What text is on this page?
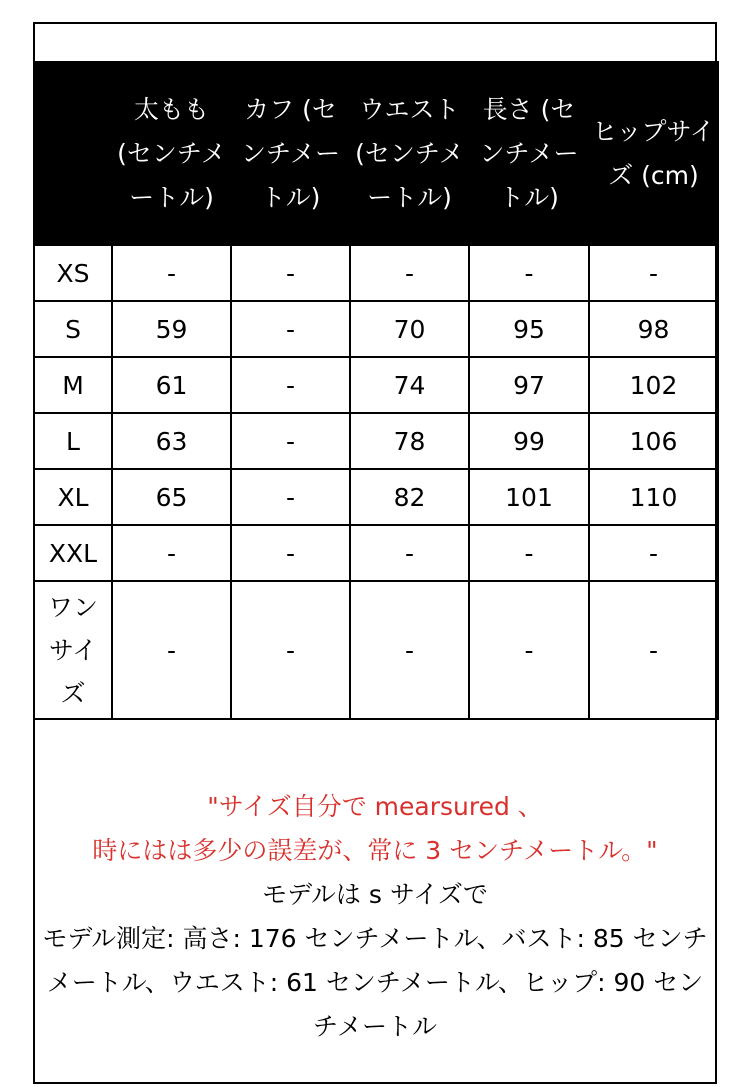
	太もも (センチメートル)	カフ (センチメートル)	ウエスト (センチメートル)	長さ (センチメートル)	ヒップサイズ (cm)
XS	-	-	-	-	-
S	59	-	70	95	98
M	61	-	74	97	102
L	63	-	78	99	106
XL	65	-	82	101	110
XXL	-	-	-	-	-
ワンサイズ	-	-	-	-	-
"サイズ自分で mearsured 、
時にはは多少の誤差が、常に 3 センチメートル。"
モデルは s サイズで
モデル測定: 高さ: 176 センチメートル、バスト: 85 センチメートル、ウエスト: 61 センチメートル、ヒップ: 90 センチメートル
